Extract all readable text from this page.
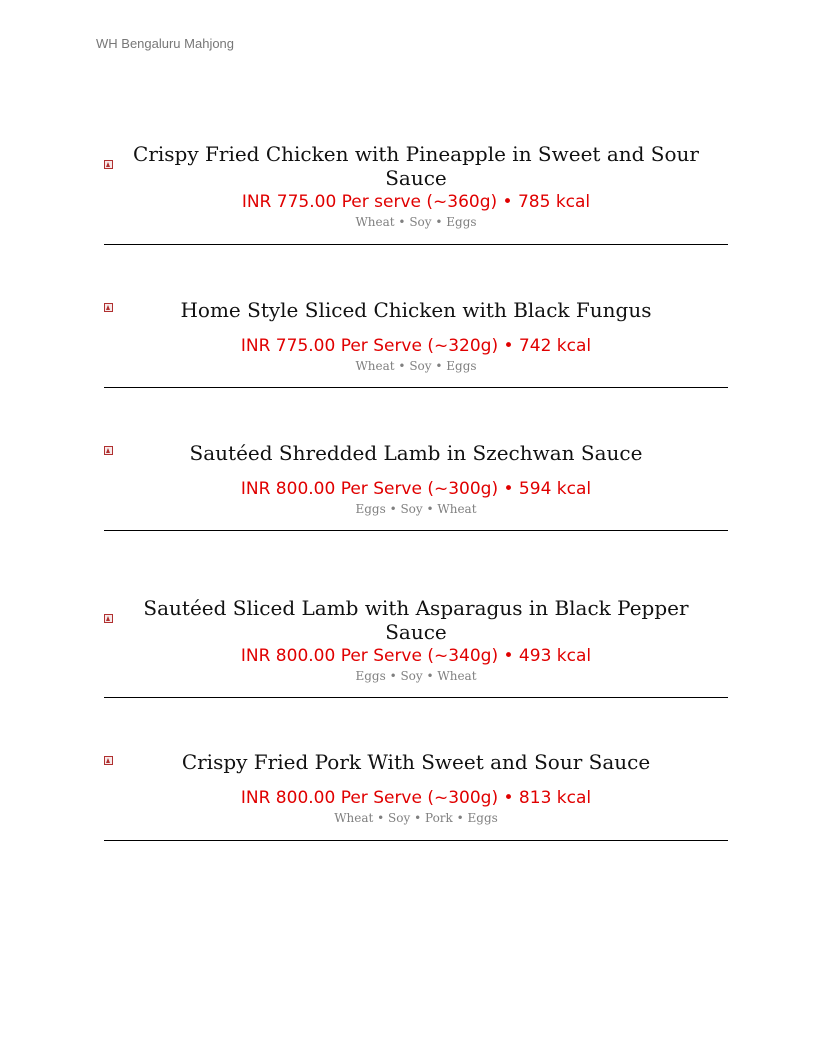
WH Bengaluru Mahjong
Crispy Fried Chicken with Pineapple in Sweet and Sour Sauce
INR 775.00 Per serve (~360g) • 785 kcal
Wheat • Soy • Eggs
Home Style Sliced Chicken with Black Fungus
INR 775.00 Per Serve (~320g) • 742 kcal
Wheat • Soy • Eggs
Sautéed Shredded Lamb in Szechwan Sauce
INR 800.00 Per Serve (~300g) • 594 kcal
Eggs • Soy • Wheat
Sautéed Sliced Lamb with Asparagus in Black Pepper Sauce
INR 800.00 Per Serve (~340g) • 493 kcal
Eggs • Soy • Wheat
Crispy Fried Pork With Sweet and Sour Sauce
INR 800.00 Per Serve (~300g) • 813 kcal
Wheat • Soy • Pork • Eggs
